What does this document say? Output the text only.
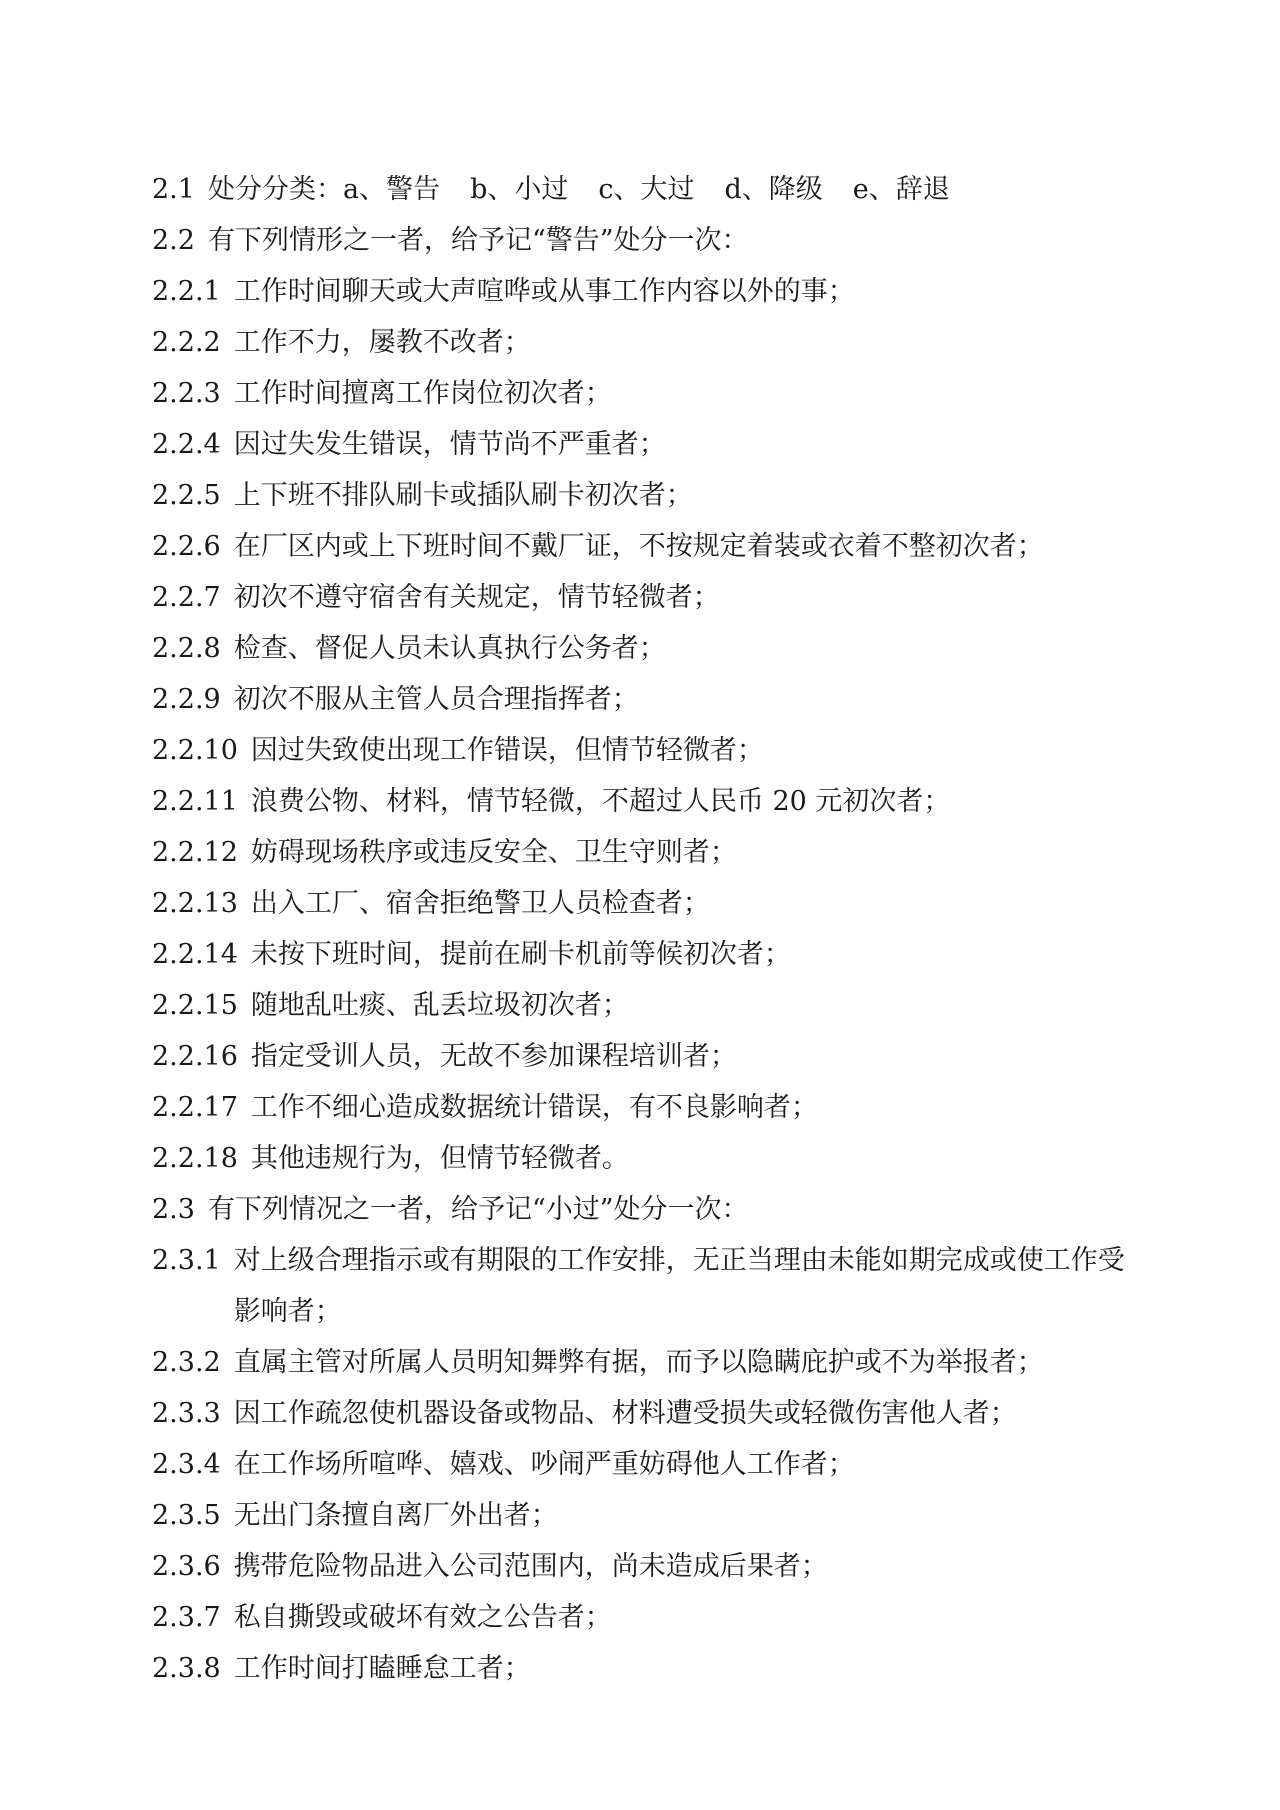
2.1 处分分类： a、警告 b、小过 c、大过 d、降级 e、辞退
2.2 有下列情形之一者，给予记“警告”处分一次：
2.2.1 工作时间聊天或大声喧哗或从事工作内容以外的事；
2.2.2 工作不力，屡教不改者；
2.2.3 工作时间擅离工作岗位初次者；
2.2.4 因过失发生错误，情节尚不严重者；
2.2.5 上下班不排队刷卡或插队刷卡初次者；
2.2.6 在厂区内或上下班时间不戴厂证，不按规定着装或衣着不整初次者；
2.2.7 初次不遵守宿舍有关规定，情节轻微者；
2.2.8 检查、督促人员未认真执行公务者；
2.2.9 初次不服从主管人员合理指挥者；
2.2.10 因过失致使出现工作错误，但情节轻微者；
2.2.11 浪费公物、材料，情节轻微，不超过人民币 20 元初次者；
2.2.12 妨碍现场秩序或违反安全、卫生守则者；
2.2.13 出入工厂、宿舍拒绝警卫人员检查者；
2.2.14 未按下班时间，提前在刷卡机前等候初次者；
2.2.15 随地乱吐痰、乱丢垃圾初次者；
2.2.16 指定受训人员，无故不参加课程培训者；
2.2.17 工作不细心造成数据统计错误，有不良影响者；
2.2.18 其他违规行为，但情节轻微者。
2.3 有下列情况之一者，给予记“小过”处分一次：
2.3.1 对上级合理指示或有期限的工作安排，无正当理由未能如期完成或使工作受影响者；
2.3.2 直属主管对所属人员明知舞弊有据，而予以隐瞒庇护或不为举报者；
2.3.3 因工作疏忽使机器设备或物品、材料遭受损失或轻微伤害他人者；
2.3.4 在工作场所喧哗、嬉戏、吵闹严重妨碍他人工作者；
2.3.5 无出门条擅自离厂外出者；
2.3.6 携带危险物品进入公司范围内，尚未造成后果者；
2.3.7 私自撕毁或破坏有效之公告者；
2.3.8 工作时间打瞌睡怠工者；
